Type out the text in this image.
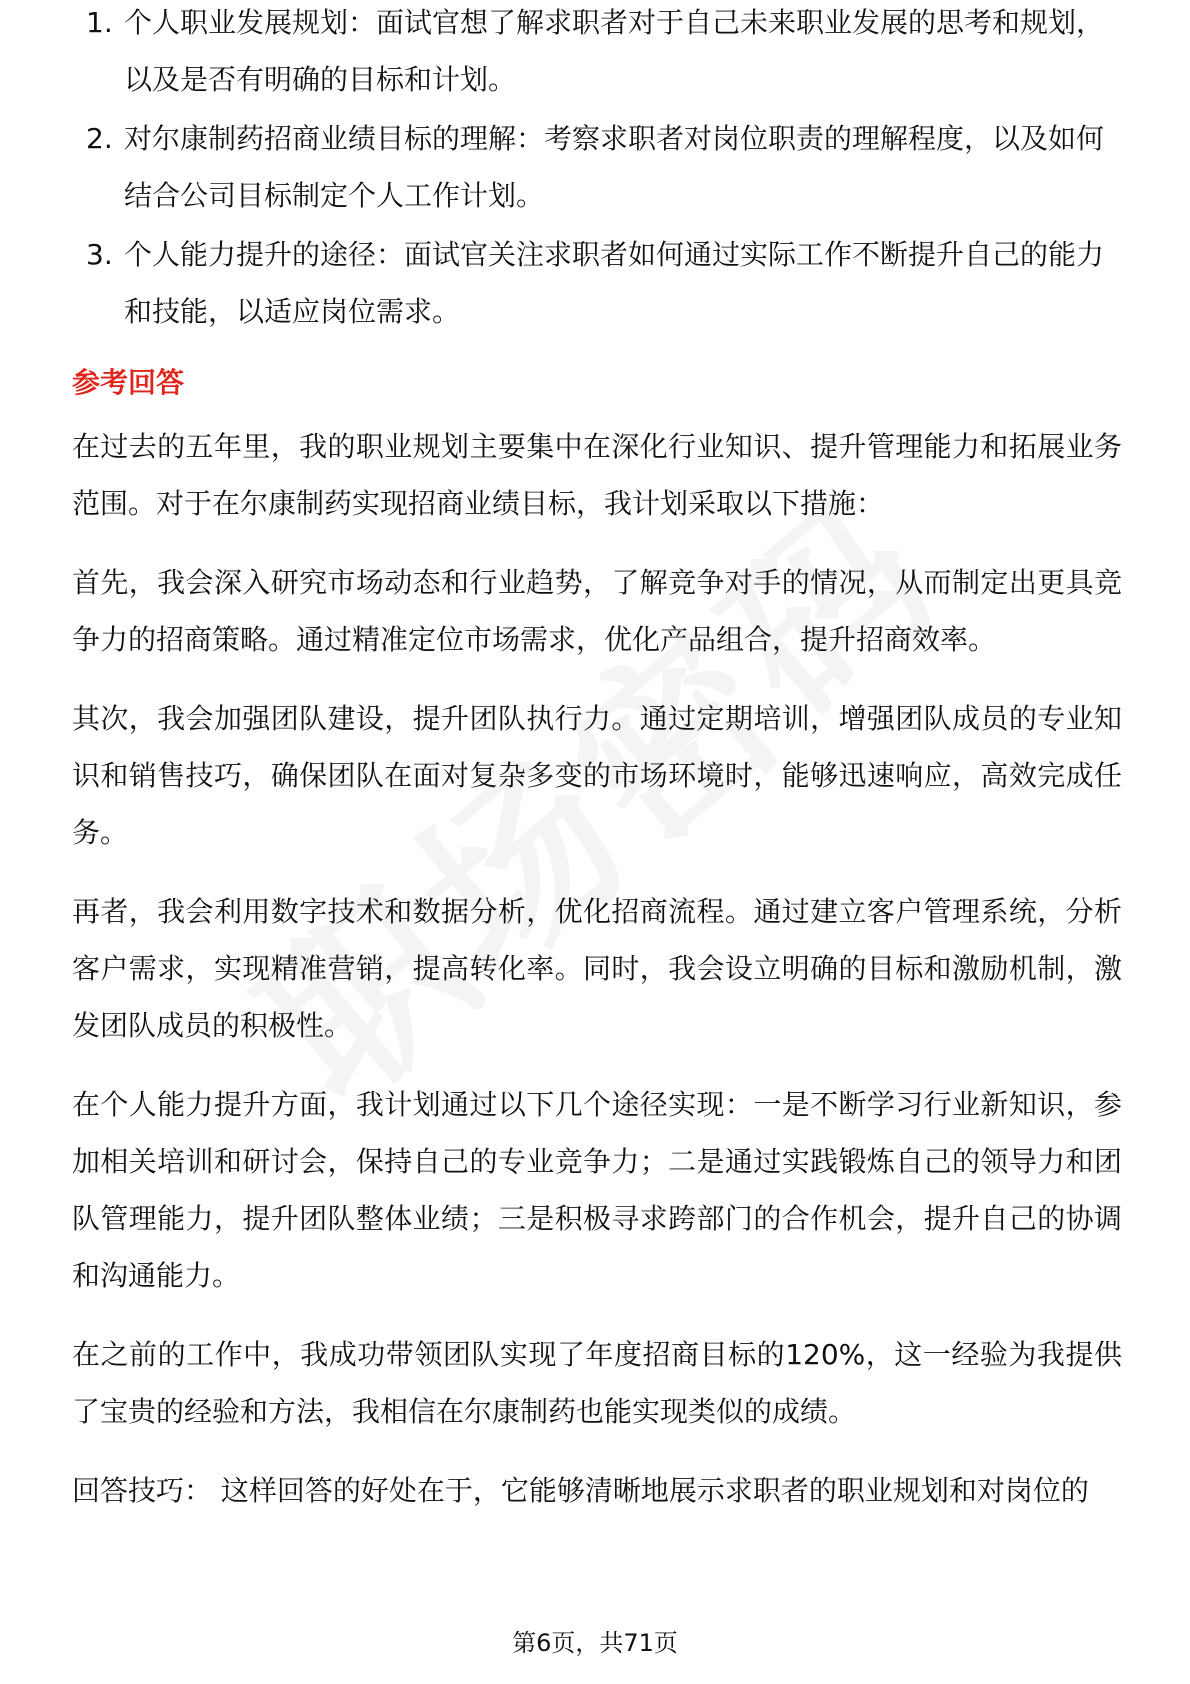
1. 个人职业发展规划：面试官想了解求职者对于自己未来职业发展的思考和规划，以及是否有明确的目标和计划。
2. 对尔康制药招商业绩目标的理解：考察求职者对岗位职责的理解程度，以及如何结合公司目标制定个人工作计划。
3. 个人能力提升的途径：面试官关注求职者如何通过实际工作不断提升自己的能力和技能，以适应岗位需求。
参考回答

在过去的五年里，我的职业规划主要集中在深化行业知识、提升管理能力和拓展业务范围。对于在尔康制药实现招商业绩目标，我计划采取以下措施：

首先，我会深入研究市场动态和行业趋势，了解竞争对手的情况，从而制定出更具竞争力的招商策略。通过精准定位市场需求，优化产品组合，提升招商效率。

其次，我会加强团队建设，提升团队执行力。通过定期培训，增强团队成员的专业知识和销售技巧，确保团队在面对复杂多变的市场环境时，能够迅速响应，高效完成任务。

再者，我会利用数字技术和数据分析，优化招商流程。通过建立客户管理系统，分析客户需求，实现精准营销，提高转化率。同时，我会设立明确的目标和激励机制，激发团队成员的积极性。

在个人能力提升方面，我计划通过以下几个途径实现：一是不断学习行业新知识，参加相关培训和研讨会，保持自己的专业竞争力；二是通过实践锻炼自己的领导力和团队管理能力，提升团队整体业绩；三是积极寻求跨部门的合作机会，提升自己的协调和沟通能力。

在之前的工作中，我成功带领团队实现了年度招商目标的120%，这一经验为我提供了宝贵的经验和方法，我相信在尔康制药也能实现类似的成绩。

回答技巧： 这样回答的好处在于，它能够清晰地展示求职者的职业规划和对岗位的

第6页，共71页
